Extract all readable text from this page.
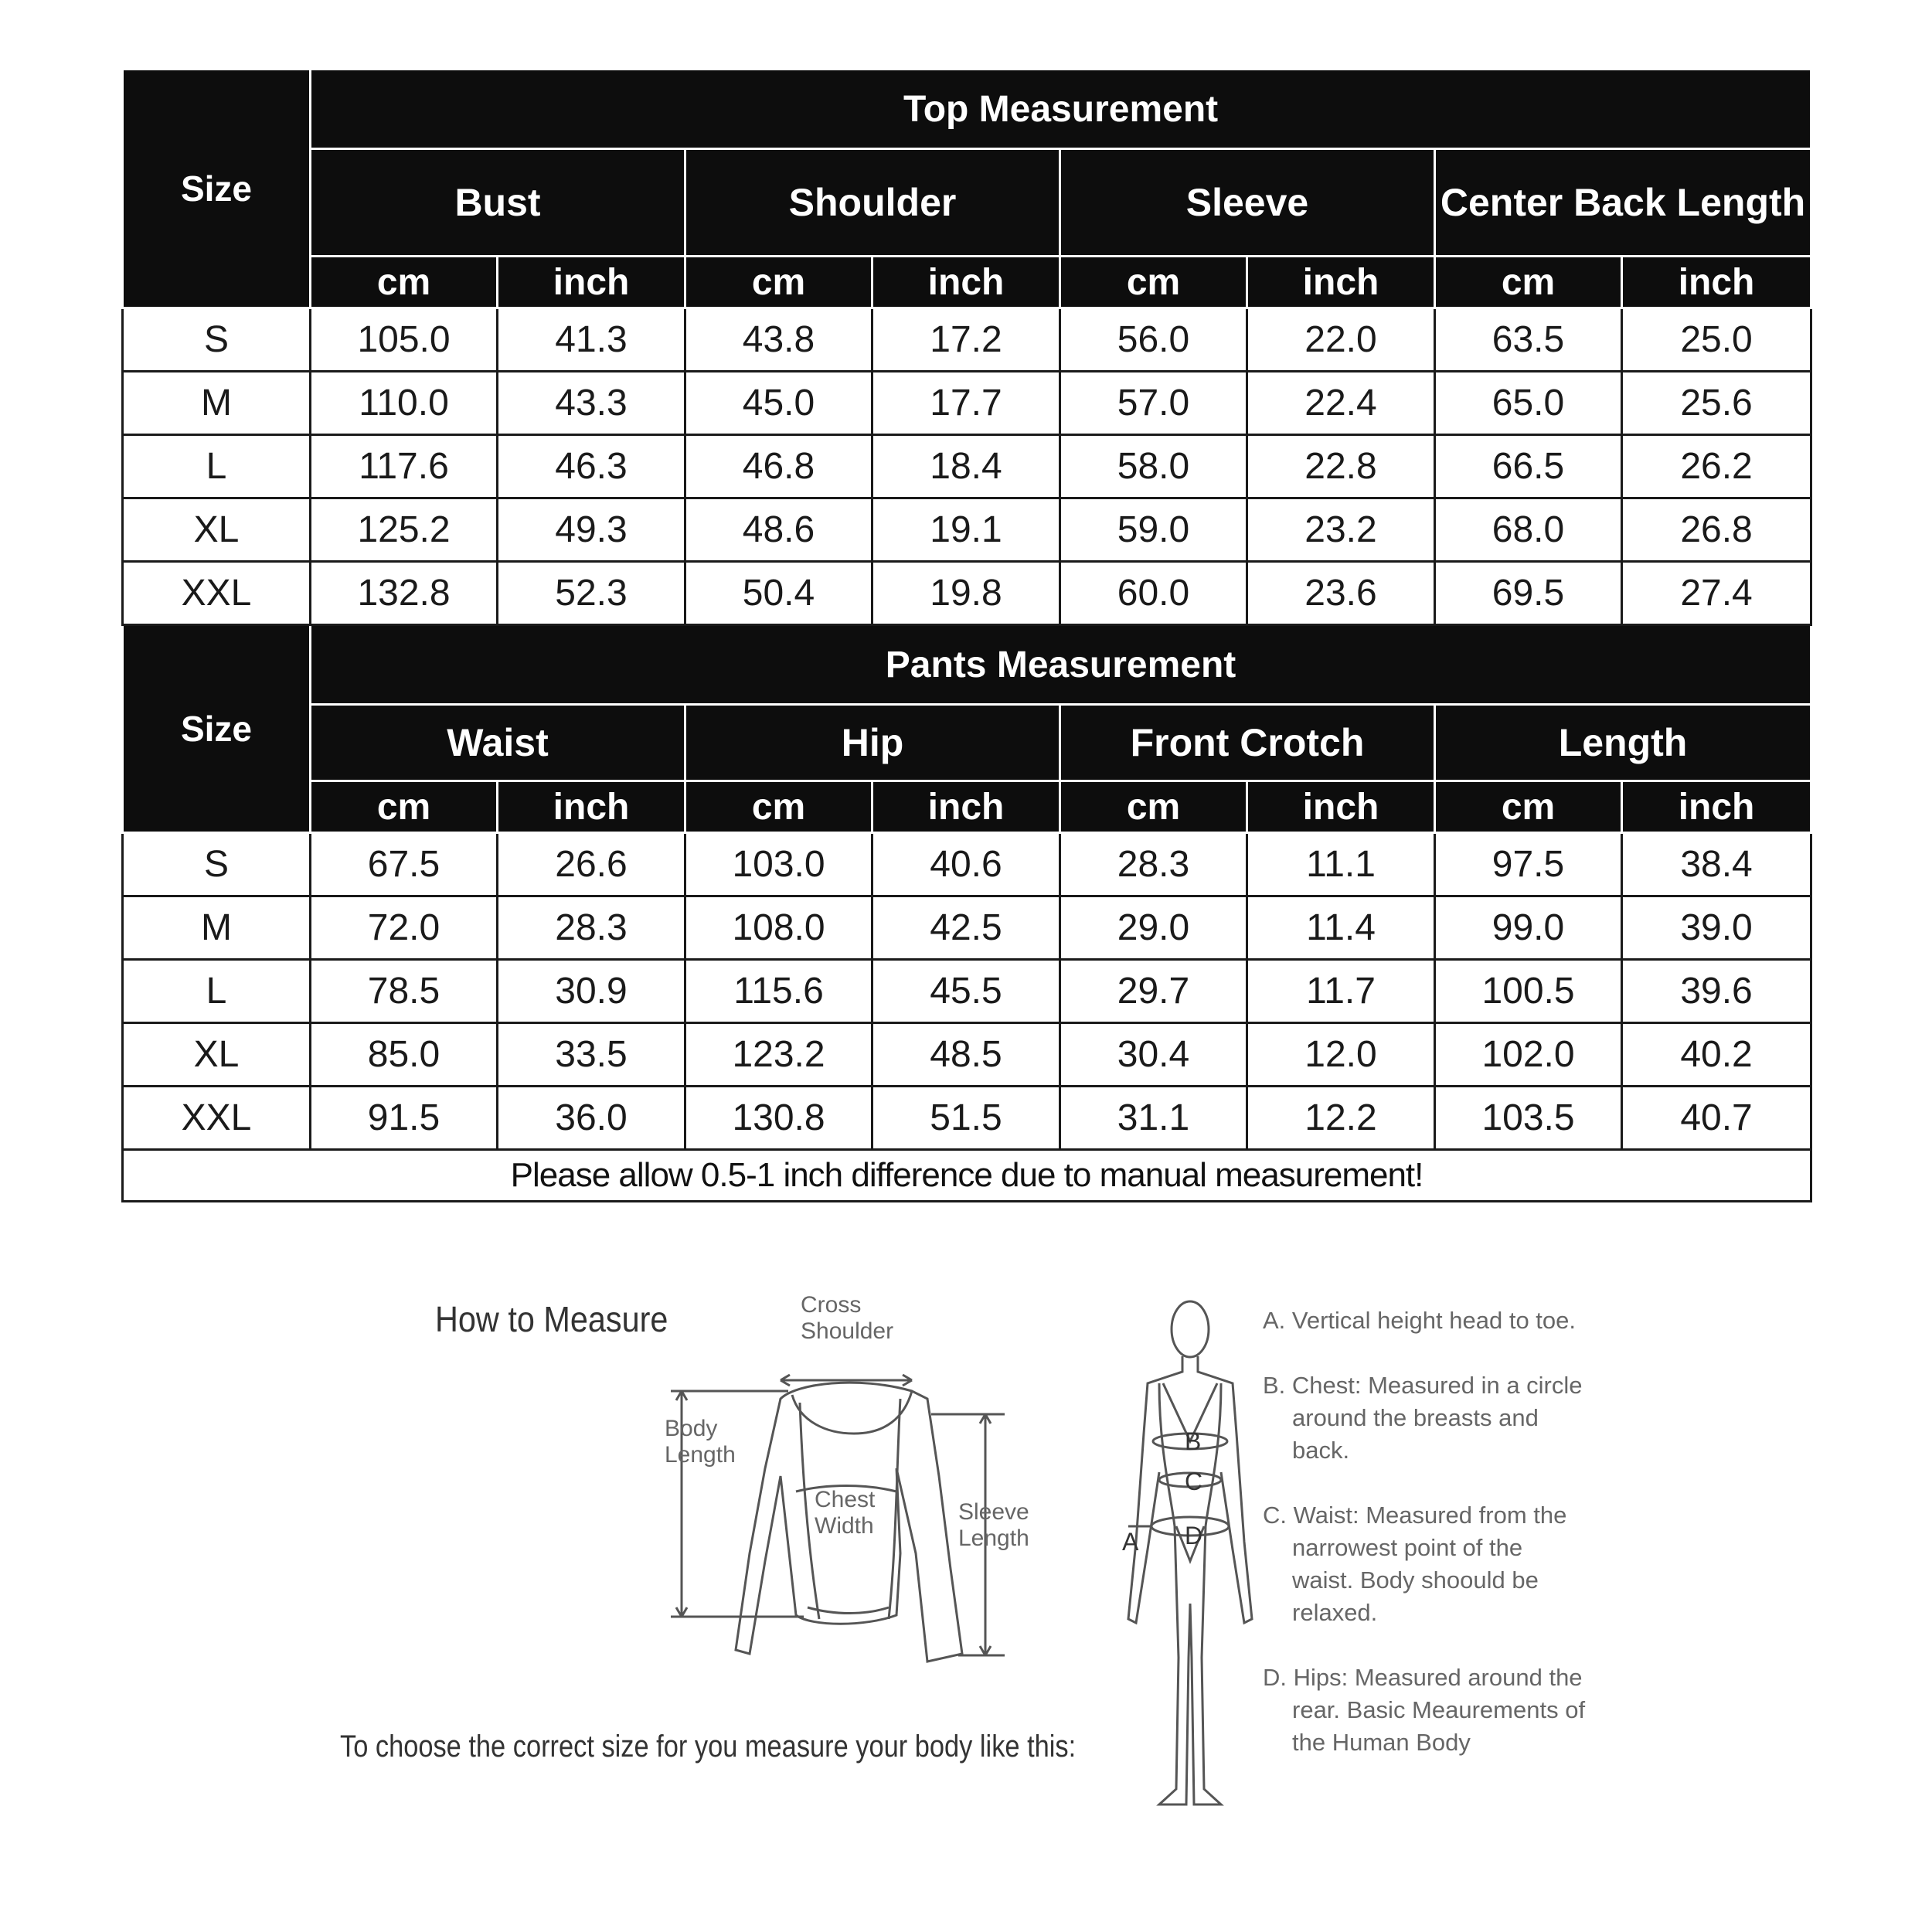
Size	Top Measurement							
	Bust		Shoulder		Sleeve		Center Back Length	
	cm	inch	cm	inch	cm	inch	cm	inch
S	105.0	41.3	43.8	17.2	56.0	22.0	63.5	25.0
M	110.0	43.3	45.0	17.7	57.0	22.4	65.0	25.6
L	117.6	46.3	46.8	18.4	58.0	22.8	66.5	26.2
XL	125.2	49.3	48.6	19.1	59.0	23.2	68.0	26.8
XXL	132.8	52.3	50.4	19.8	60.0	23.6	69.5	27.4
Size	Pants Measurement							
	Waist		Hip		Front Crotch		Length	
	cm	inch	cm	inch	cm	inch	cm	inch
S	67.5	26.6	103.0	40.6	28.3	11.1	97.5	38.4
M	72.0	28.3	108.0	42.5	29.0	11.4	99.0	39.0
L	78.5	30.9	115.6	45.5	29.7	11.7	100.5	39.6
XL	85.0	33.5	123.2	48.5	30.4	12.0	102.0	40.2
XXL	91.5	36.0	130.8	51.5	31.1	12.2	103.5	40.7
Please allow 0.5-1 inch difference due to manual measurement!								
How to Measure	Cross
Shoulder
Body
Length
Chest
Width
Sleeve
Length
To choose the correct size for you measure your body like this:
A
B
C
D
A. Vertical height head to toe.
B. Chest: Measured in a circle around the breasts and back.
C. Waist: Measured from the narrowest point of the waist. Body shoould be relaxed.
D. Hips: Measured around the rear. Basic Meaurements of the Human Body
